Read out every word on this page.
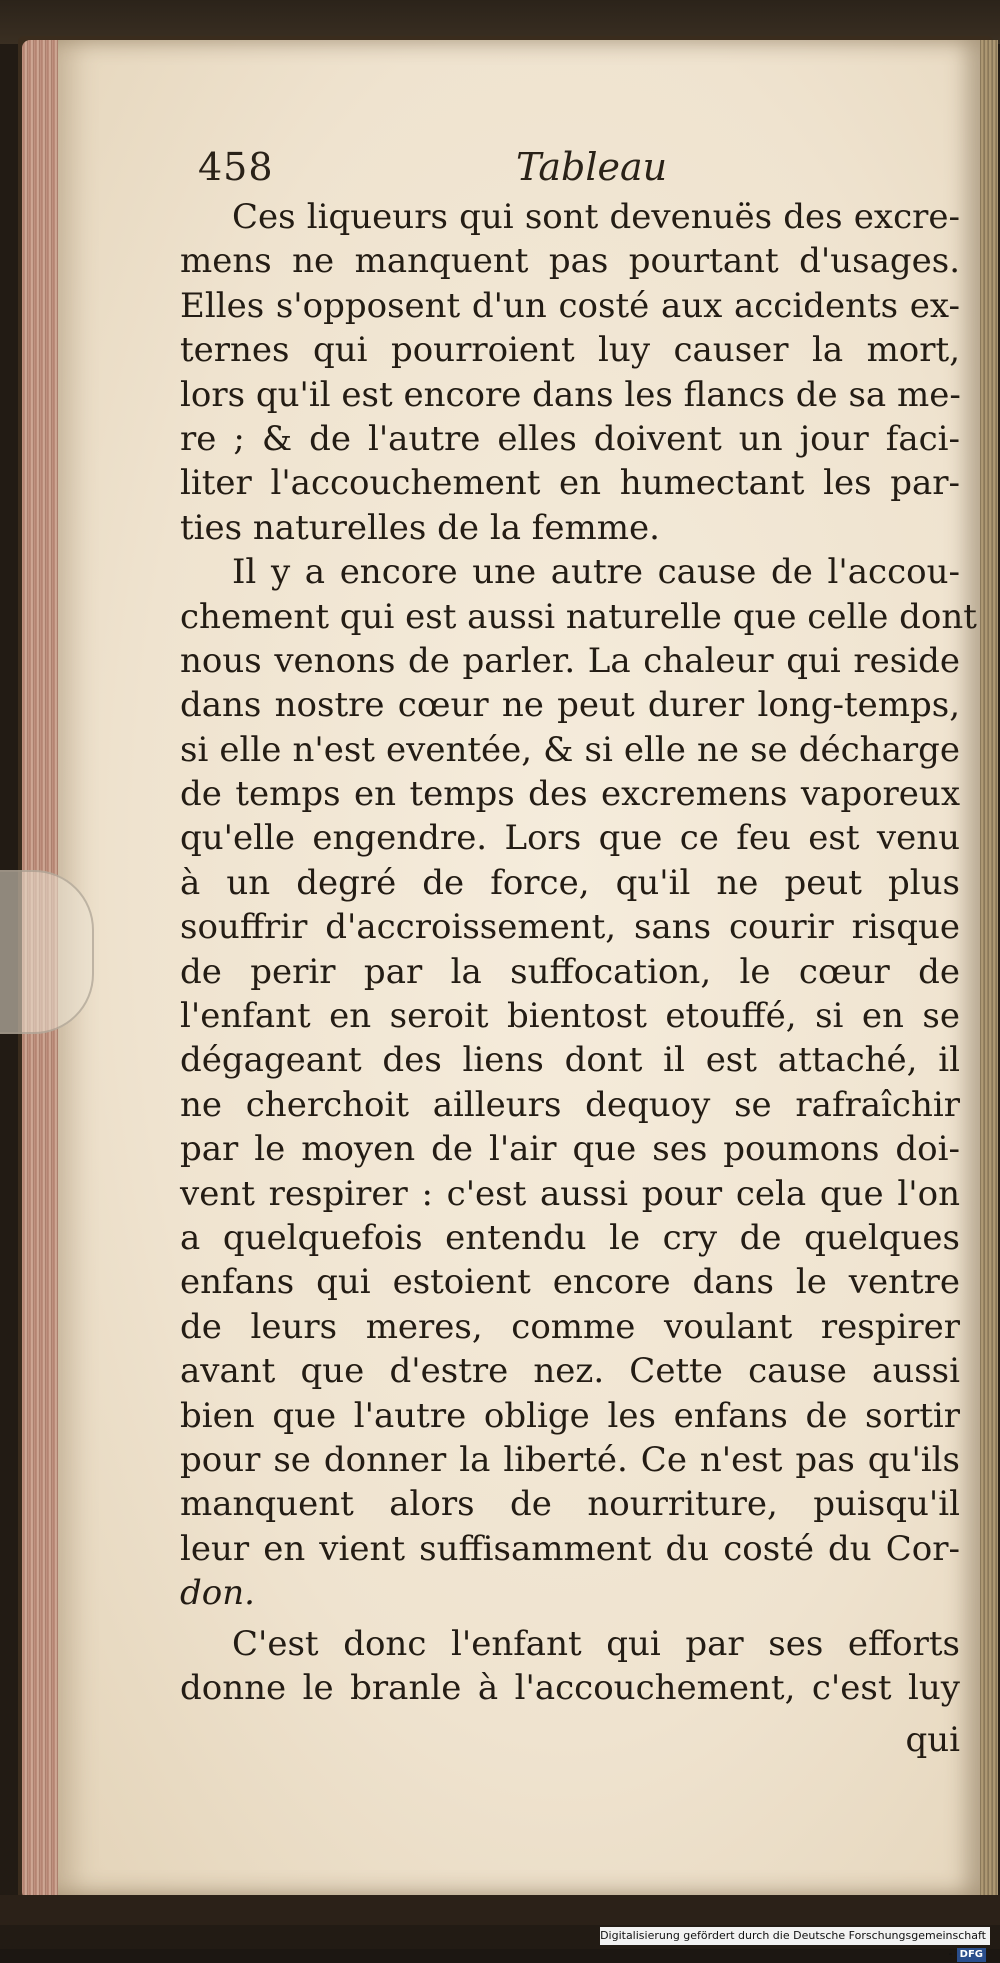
458	Tableau
Ces liqueurs qui sont devenuës des excre-
mens ne manquent pas pourtant d'usages.
Elles s'opposent d'un costé aux accidents ex-
ternes qui pourroient luy causer la mort,
lors qu'il est encore dans les flancs de sa me-
re ; & de l'autre elles doivent un jour faci-
liter l'accouchement en humectant les par-
ties naturelles de la femme.
Il y a encore une autre cause de l'accou-
chement qui est aussi naturelle que celle dont
nous venons de parler. La chaleur qui reside
dans nostre cœur ne peut durer long-temps,
si elle n'est eventée, & si elle ne se décharge
de temps en temps des excremens vaporeux
qu'elle engendre. Lors que ce feu est venu
à un degré de force, qu'il ne peut plus
souffrir d'accroissement, sans courir risque
de perir par la suffocation, le cœur de
l'enfant en seroit bientost etouffé, si en se
dégageant des liens dont il est attaché, il
ne cherchoit ailleurs dequoy se rafraîchir
par le moyen de l'air que ses poumons doi-
vent respirer : c'est aussi pour cela que l'on
a quelquefois entendu le cry de quelques
enfans qui estoient encore dans le ventre
de leurs meres, comme voulant respirer
avant que d'estre nez. Cette cause aussi
bien que l'autre oblige les enfans de sortir
pour se donner la liberté. Ce n'est pas qu'ils
manquent alors de nourriture, puisqu'il
leur en vient suffisamment du costé du Cor-
don.
C'est donc l'enfant qui par ses efforts
donne le branle à l'accouchement, c'est luy
qui
Digitalisierung gefördert durch die Deutsche Forschungsgemeinschaft - DFG
